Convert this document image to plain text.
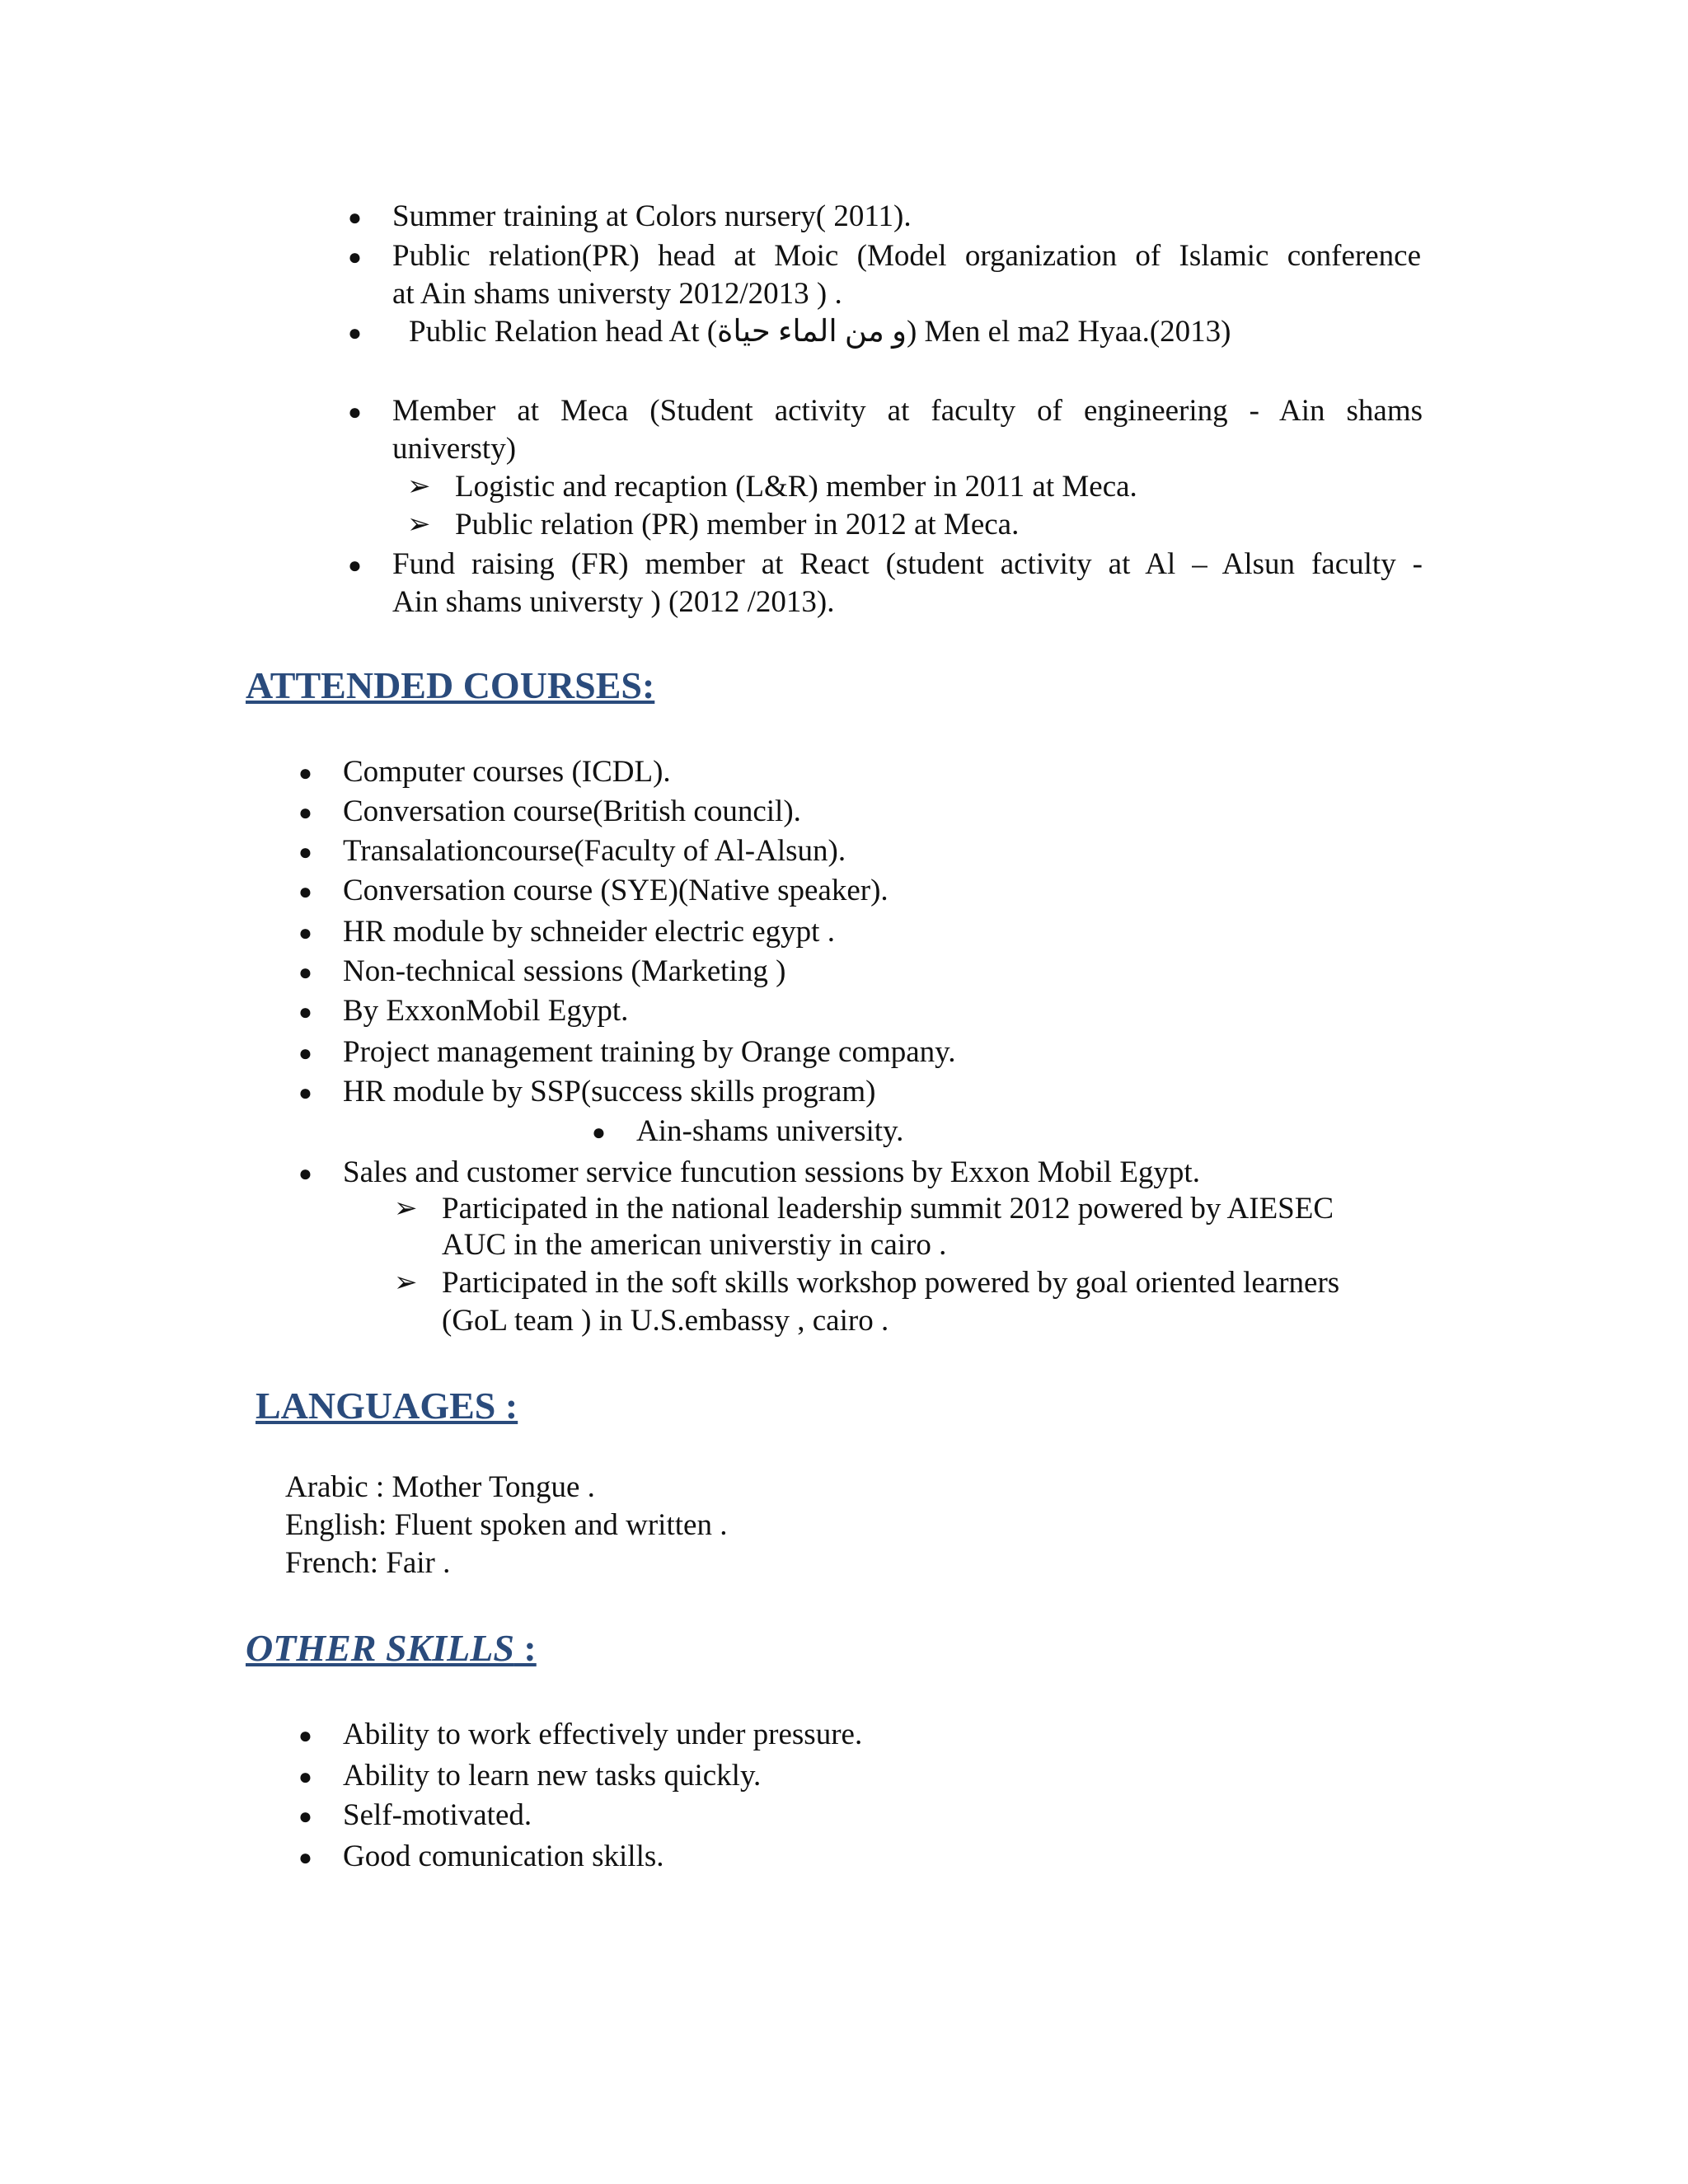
● Summer training at Colors nursery( 2011).
● Public relation(PR) head at Moic (Model organization of Islamic conference
at Ain shams universty 2012/2013 ) .
● Public Relation head At (و من الماء حياة) Men el ma2 Hyaa.(2013)
● Member at Meca (Student activity at faculty of engineering - Ain shams
universty)
➢ Logistic and recaption (L&R) member in 2011 at Meca.
➢ Public relation (PR) member in 2012 at Meca.
● Fund raising (FR) member at React (student activity at Al – Alsun faculty -
Ain shams universty ) (2012 /2013).
ATTENDED COURSES:
● Computer courses (ICDL).
● Conversation course(British council).
● Transalationcourse(Faculty of Al-Alsun).
● Conversation course (SYE)(Native speaker).
● HR module by schneider electric egypt .
● Non-technical sessions (Marketing )
● By ExxonMobil Egypt.
● Project management training by Orange company.
● HR module by SSP(success skills program)
● Ain-shams university.
● Sales and customer service funcution sessions by Exxon Mobil Egypt.
➢ Participated in the national leadership summit 2012 powered by AIESEC
AUC in the american universtiy in cairo .
➢ Participated in the soft skills workshop powered by goal oriented learners
(GoL team ) in U.S.embassy , cairo .
LANGUAGES :
Arabic : Mother Tongue .
English: Fluent spoken and written .
French: Fair .
OTHER SKILLS :
● Ability to work effectively under pressure.
● Ability to learn new tasks quickly.
● Self-motivated.
● Good comunication skills.
